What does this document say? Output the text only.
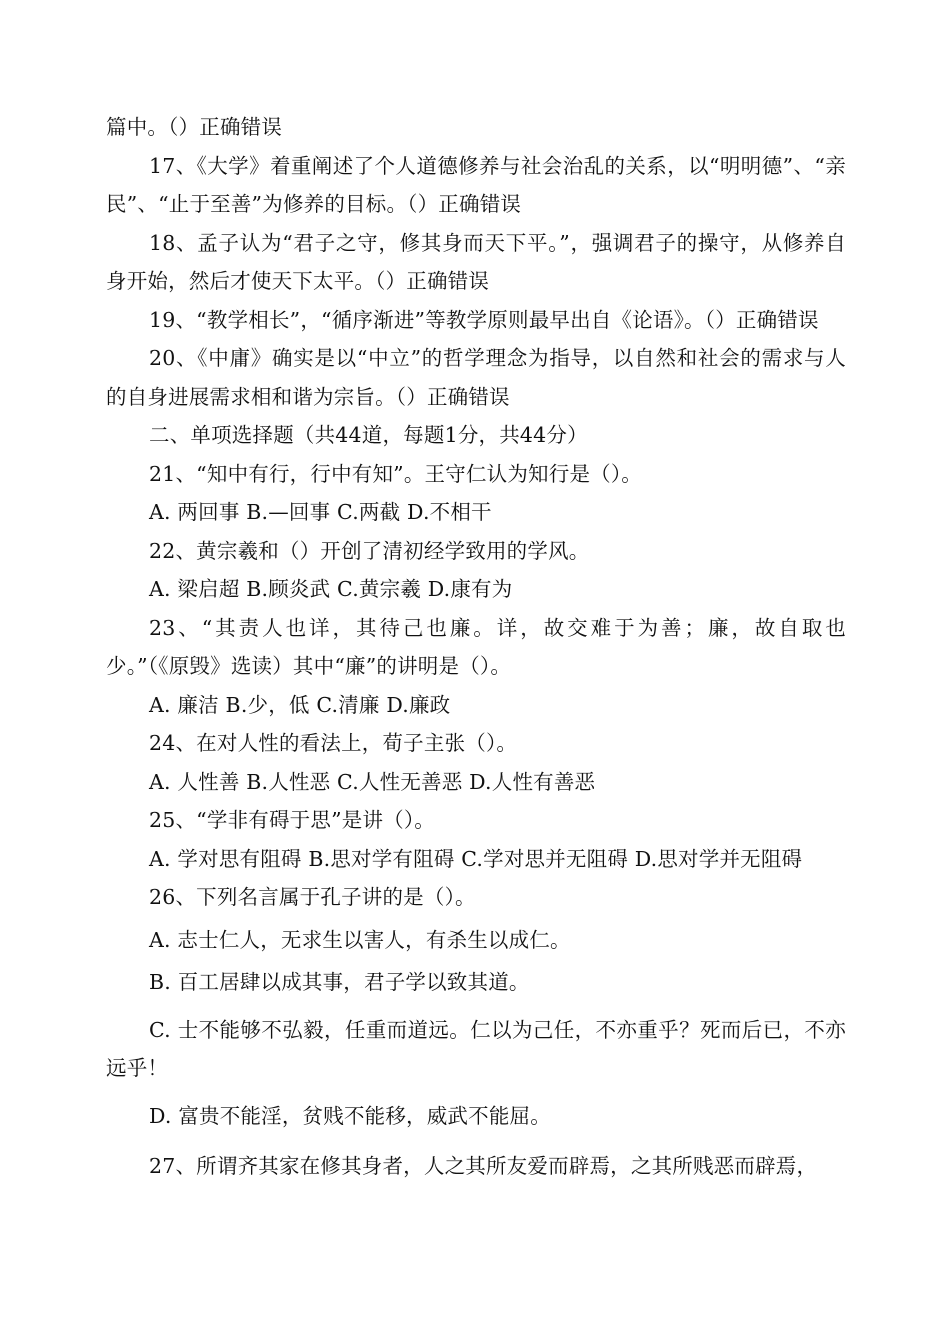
篇中。（）正确错误

17、《大学》着重阐述了个人道德修养与社会治乱的关系，以“明明德”、“亲民”、“止于至善”为修养的目标。（）正确错误

18、孟子认为“君子之守，修其身而天下平。”，强调君子的操守，从修养自身开始，然后才使天下太平。（）正确错误

19、“教学相长”，“循序渐进”等教学原则最早出自《论语》。（）正确错误

20、《中庸》确实是以“中立”的哲学理念为指导，以自然和社会的需求与人的自身进展需求相和谐为宗旨。（）正确错误

二、单项选择题（共44道，每题1分，共44分）

21、“知中有行，行中有知”。王守仁认为知行是（）。

A. 两回事 B.—回事 C.两截 D.不相干

22、黄宗羲和（）开创了清初经学致用的学风。

A. 梁启超 B.顾炎武 C.黄宗羲 D.康有为

23、“其责人也详，其待己也廉。详，故交难于为善；廉，故自取也少。”（《原毁》选读）其中“廉”的讲明是（）。

A. 廉洁 B.少，低 C.清廉 D.廉政

24、在对人性的看法上，荀子主张（）。

A. 人性善 B.人性恶 C.人性无善恶 D.人性有善恶

25、“学非有碍于思”是讲（）。

A. 学对思有阻碍 B.思对学有阻碍 C.学对思并无阻碍 D.思对学并无阻碍

26、下列名言属于孔子讲的是（）。

A. 志士仁人，无求生以害人，有杀生以成仁。

B. 百工居肆以成其事，君子学以致其道。

C. 士不能够不弘毅，任重而道远。仁以为己任，不亦重乎？死而后已，不亦远乎！

D. 富贵不能淫，贫贱不能移，威武不能屈。

27、所谓齐其家在修其身者，人之其所友爱而辟焉，之其所贱恶而辟焉，
